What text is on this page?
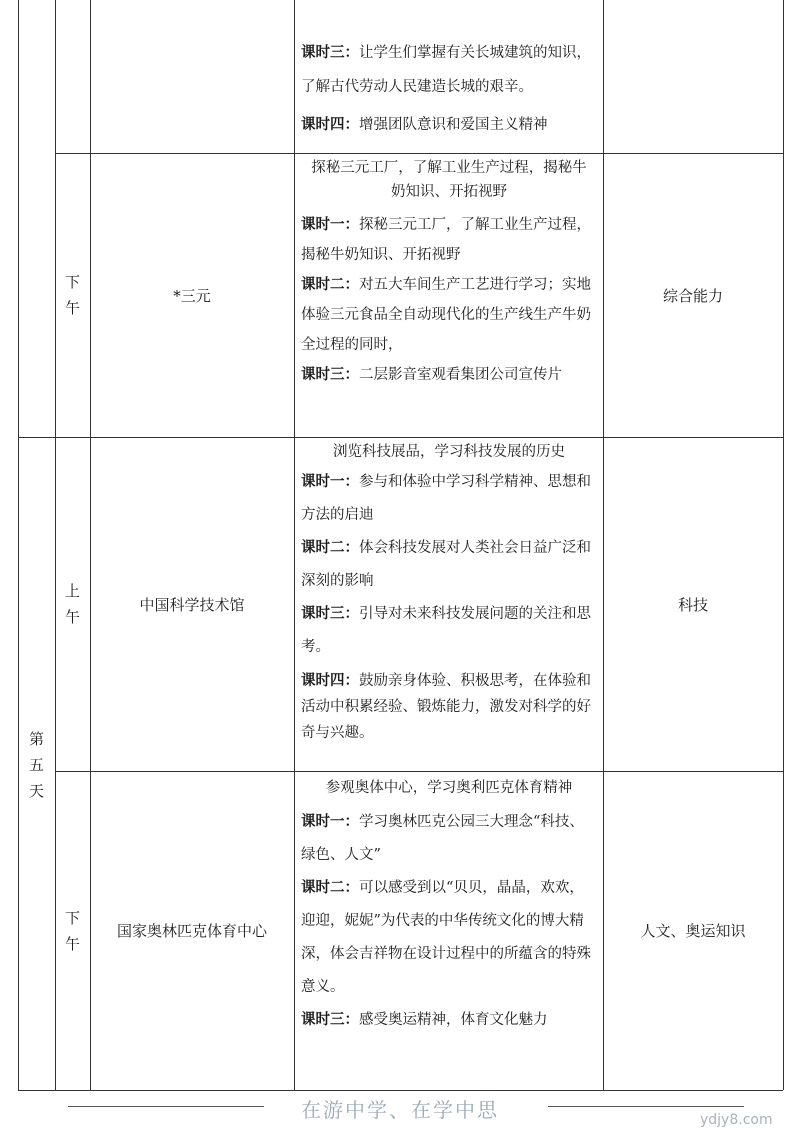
第
五
天

课时三：让学生们掌握有关长城建筑的知识，了解古代劳动人民建造长城的艰辛。

课时四：增强团队意识和爱国主义精神

下
午
*三元

探秘三元工厂，了解工业生产过程，揭秘牛奶知识、开拓视野

课时一：探秘三元工厂，了解工业生产过程，揭秘牛奶知识、开拓视野

课时二：对五大车间生产工艺进行学习；实地体验三元食品全自动现代化的生产线生产牛奶全过程的同时，

课时三：二层影音室观看集团公司宣传片

综合能力
上
午
中国科学技术馆

浏览科技展品，学习科技发展的历史

课时一：参与和体验中学习科学精神、思想和方法的启迪

课时二：体会科技发展对人类社会日益广泛和深刻的影响

课时三：引导对未来科技发展问题的关注和思考。

课时四：鼓励亲身体验、积极思考，在体验和活动中积累经验、锻炼能力，激发对科学的好奇与兴趣。

科技
下
午
国家奥林匹克体育中心

参观奥体中心，学习奥利匹克体育精神

课时一：学习奥林匹克公园三大理念“科技、绿色、人文”

课时二：可以感受到以“贝贝，晶晶，欢欢，迎迎，妮妮”为代表的中华传统文化的博大精深，体会吉祥物在设计过程中的所蕴含的特殊意义。

课时三：感受奥运精神，体育文化魅力

人文、奥运知识
在游中学、在学中思	ydjy8.com
